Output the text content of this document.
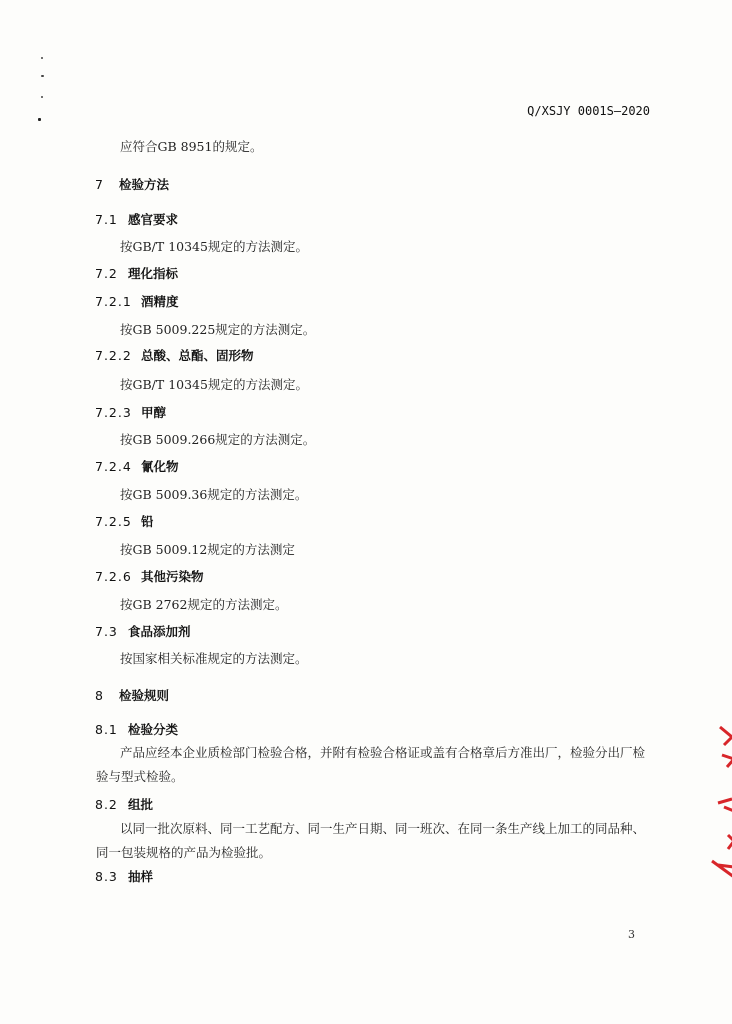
Q/XSJY 0001S—2020
应符合GB 8951的规定。
7 检验方法
7.1 感官要求
按GB/T 10345规定的方法测定。
7.2 理化指标
7.2.1 酒精度
按GB 5009.225规定的方法测定。
7.2.2 总酸、总酯、固形物
按GB/T 10345规定的方法测定。
7.2.3 甲醇
按GB 5009.266规定的方法测定。
7.2.4 氰化物
按GB 5009.36规定的方法测定。
7.2.5 铅
按GB 5009.12规定的方法测定
7.2.6 其他污染物
按GB 2762规定的方法测定。
7.3 食品添加剂
按国家相关标准规定的方法测定。
8 检验规则
8.1 检验分类
产品应经本企业质检部门检验合格，并附有检验合格证或盖有合格章后方准出厂，检验分出厂检验与型式检验。
8.2 组批
以同一批次原料、同一工艺配方、同一生产日期、同一班次、在同一条生产线上加工的同品种、同一包装规格的产品为检验批。
8.3 抽样
3
